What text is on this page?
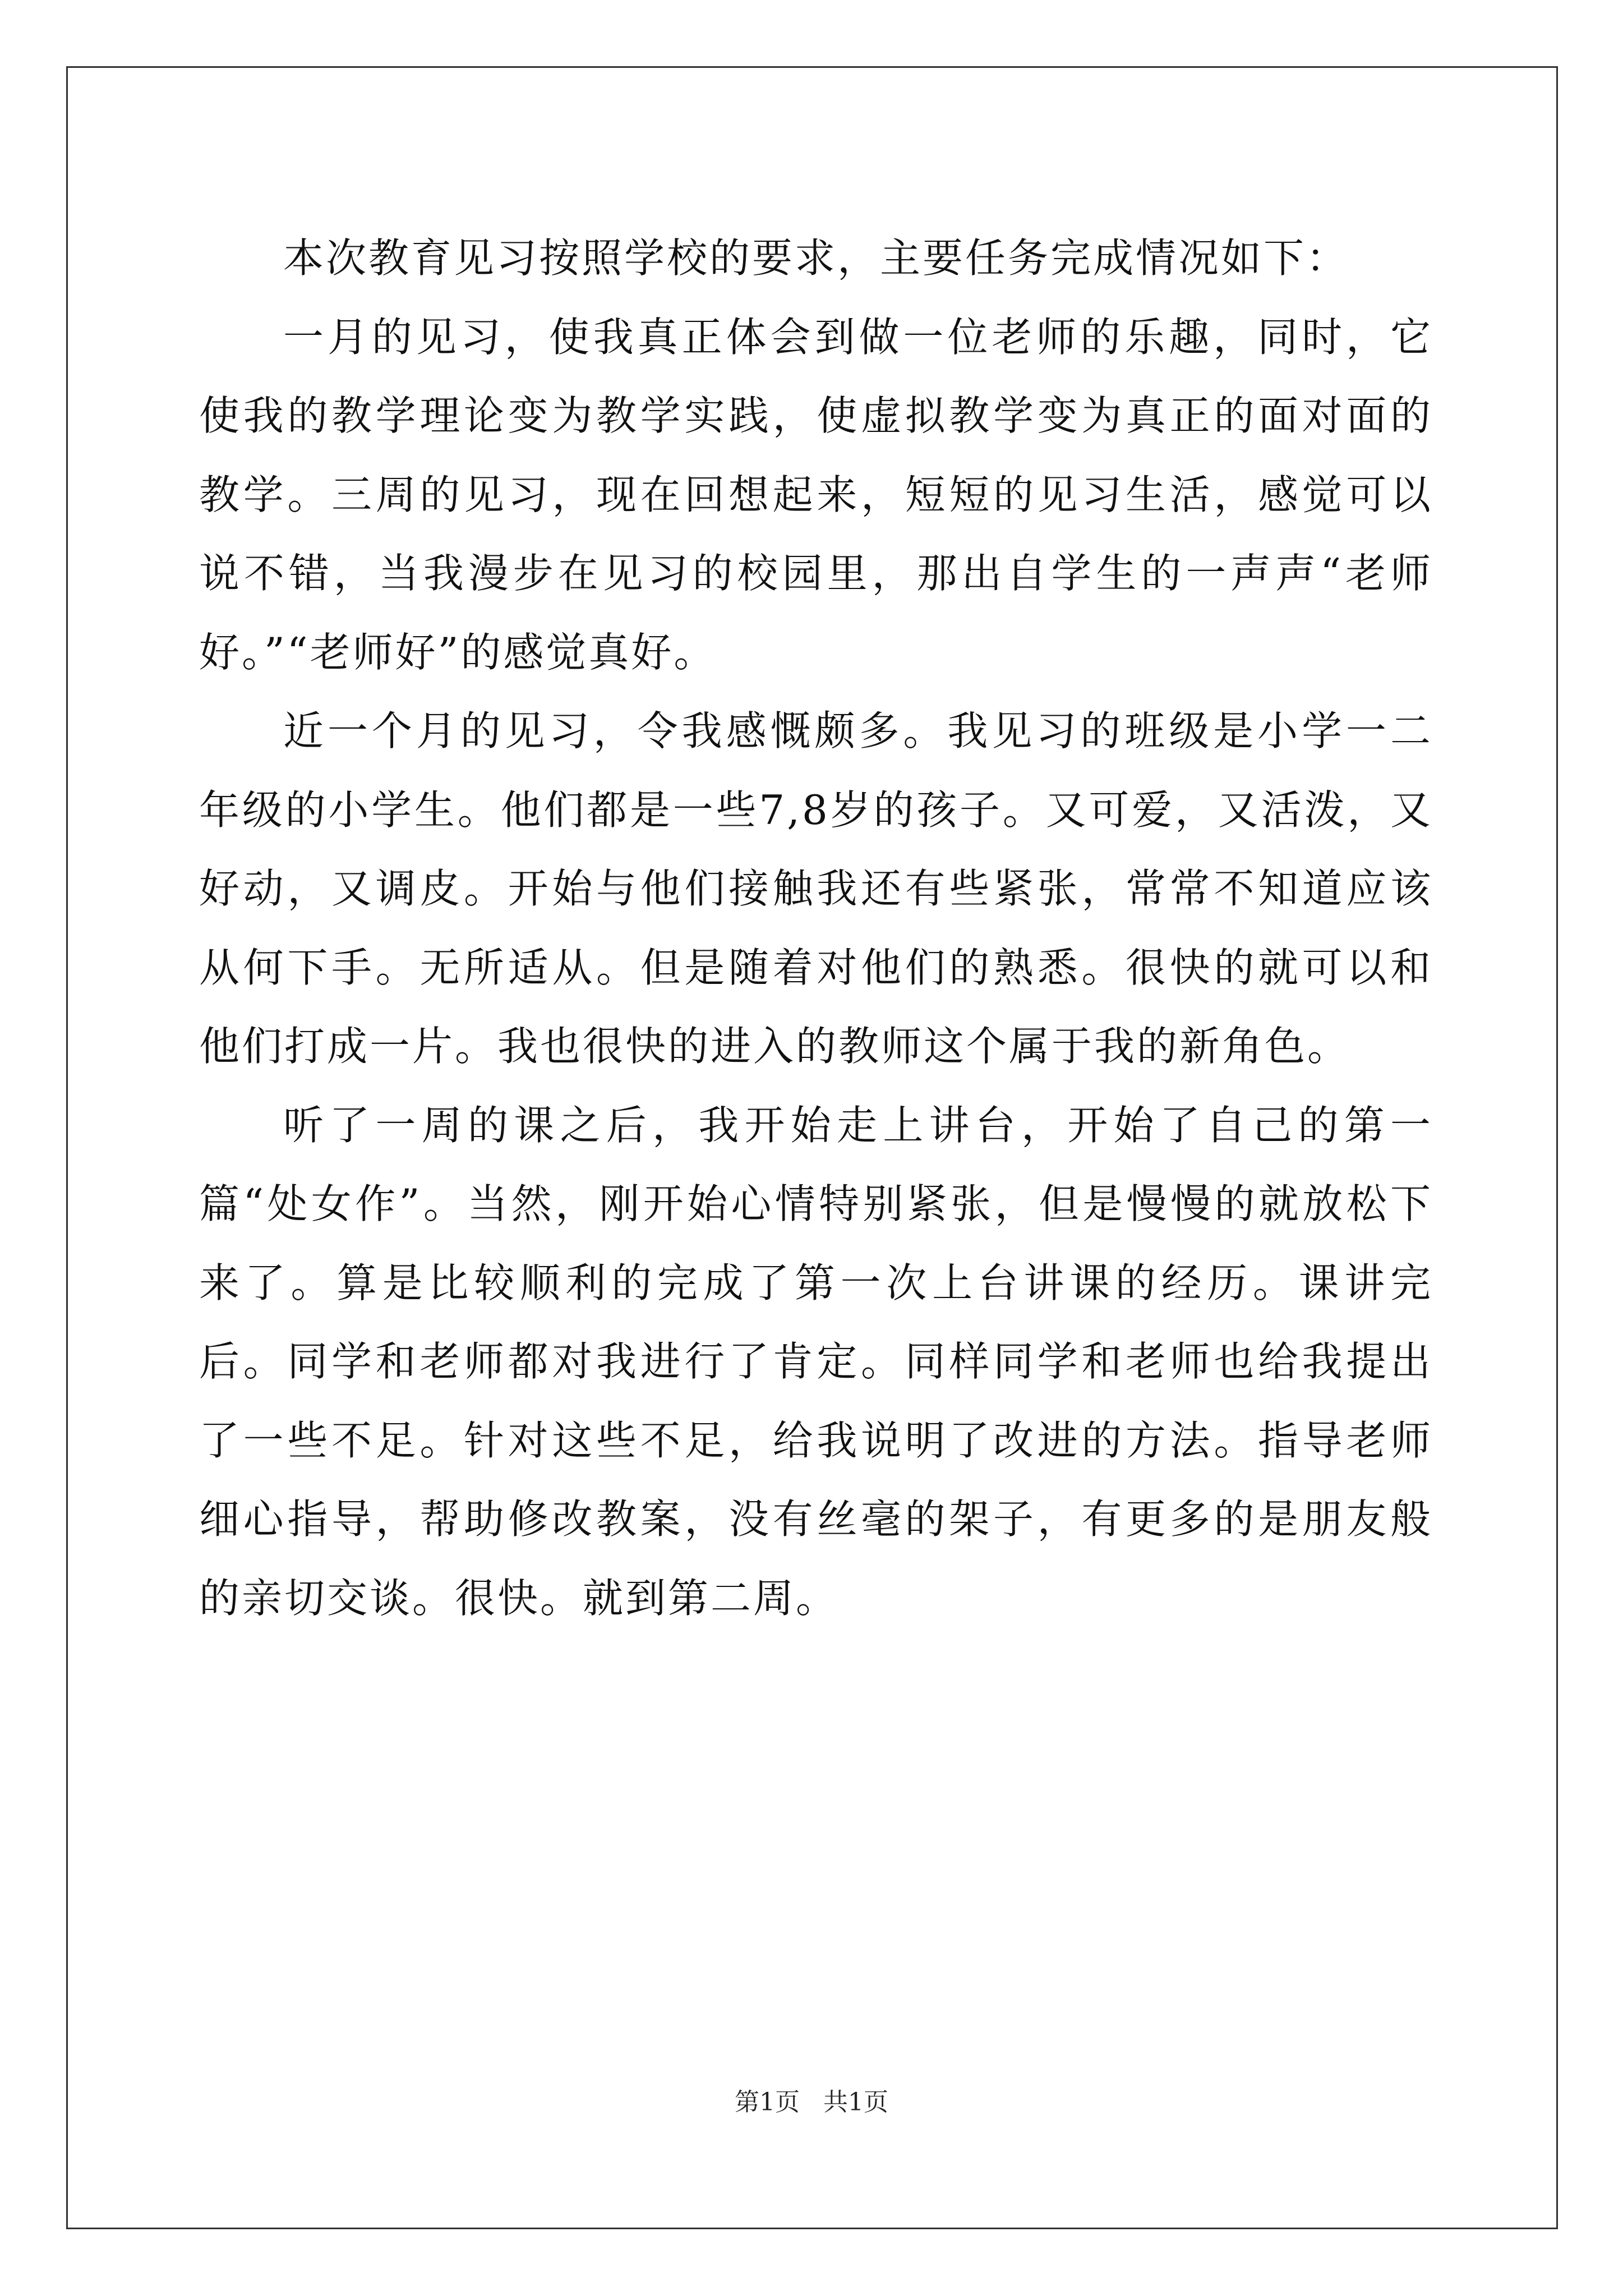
本次教育见习按照学校的要求，主要任务完成情况如下：

一月的见习，使我真正体会到做一位老师的乐趣，同时，它使我的教学理论变为教学实践，使虚拟教学变为真正的面对面的教学。三周的见习，现在回想起来，短短的见习生活，感觉可以说不错，当我漫步在见习的校园里，那出自学生的一声声“老师好。”“老师好”的感觉真好。

近一个月的见习，令我感慨颇多。我见习的班级是小学一二年级的小学生。他们都是一些7,8岁的孩子。又可爱，又活泼，又好动，又调皮。开始与他们接触我还有些紧张，常常不知道应该从何下手。无所适从。但是随着对他们的熟悉。很快的就可以和他们打成一片。我也很快的进入的教师这个属于我的新角色。

听了一周的课之后，我开始走上讲台，开始了自己的第一篇“处女作”。当然，刚开始心情特别紧张，但是慢慢的就放松下来了。算是比较顺利的完成了第一次上台讲课的经历。课讲完后。同学和老师都对我进行了肯定。同样同学和老师也给我提出了一些不足。针对这些不足，给我说明了改进的方法。指导老师细心指导，帮助修改教案，没有丝毫的架子，有更多的是朋友般的亲切交谈。很快。就到第二周。

第1页   共1页
